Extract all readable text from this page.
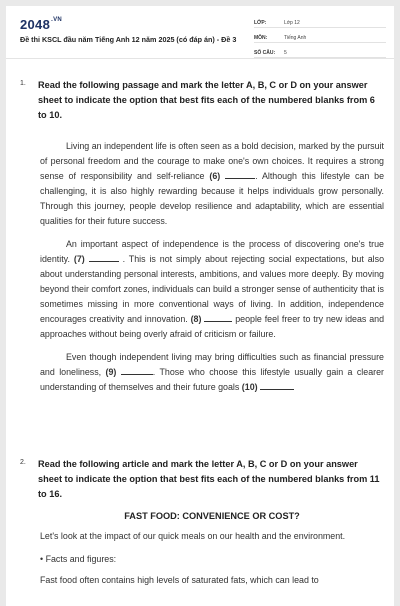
$2048^{.VN}$
Đề thi KSCL đầu năm Tiếng Anh 12 năm 2025 (có đáp án) - Đề 3
LỚP:	Lớp 12
MÔN:	Tiếng Anh
SỐ CÂU:	5
1. Read the following passage and mark the letter A, B, C or D on your answer sheet to indicate the option that best fits each of the numbered blanks from 6 to 10.

Living an independent life is often seen as a bold decision, marked by the pursuit of personal freedom and the courage to make one's own choices. It requires a strong sense of responsibility and self-reliance (6)	. Although this lifestyle can be challenging, it is also highly rewarding because it helps individuals grow personally. Through this journey, people develop resilience and adaptability, which are essential qualities for their future success.

An important aspect of independence is the process of discovering one's true identity. (7)	. This is not simply about rejecting social expectations, but also about understanding personal interests, ambitions, and values more deeply. By moving beyond their comfort zones, individuals can build a stronger sense of authenticity that is sometimes missing in more conventional ways of living. In addition, independence encourages creativity and innovation. (8)	people feel freer to try new ideas and approaches without being overly afraid of criticism or failure.

Even though independent living may bring difficulties such as financial pressure and loneliness, (9)	. Those who choose this lifestyle usually gain a clearer understanding of themselves and their future goals (10)

2. Read the following article and mark the letter A, B, C or D on your answer sheet to indicate the option that best fits each of the numbered blanks from 11 to 16.
FAST FOOD: CONVENIENCE OR COST?

Let's look at the impact of our quick meals on our health and the environment.

• Facts and figures:

Fast food often contains high levels of saturated fats, which can lead to
